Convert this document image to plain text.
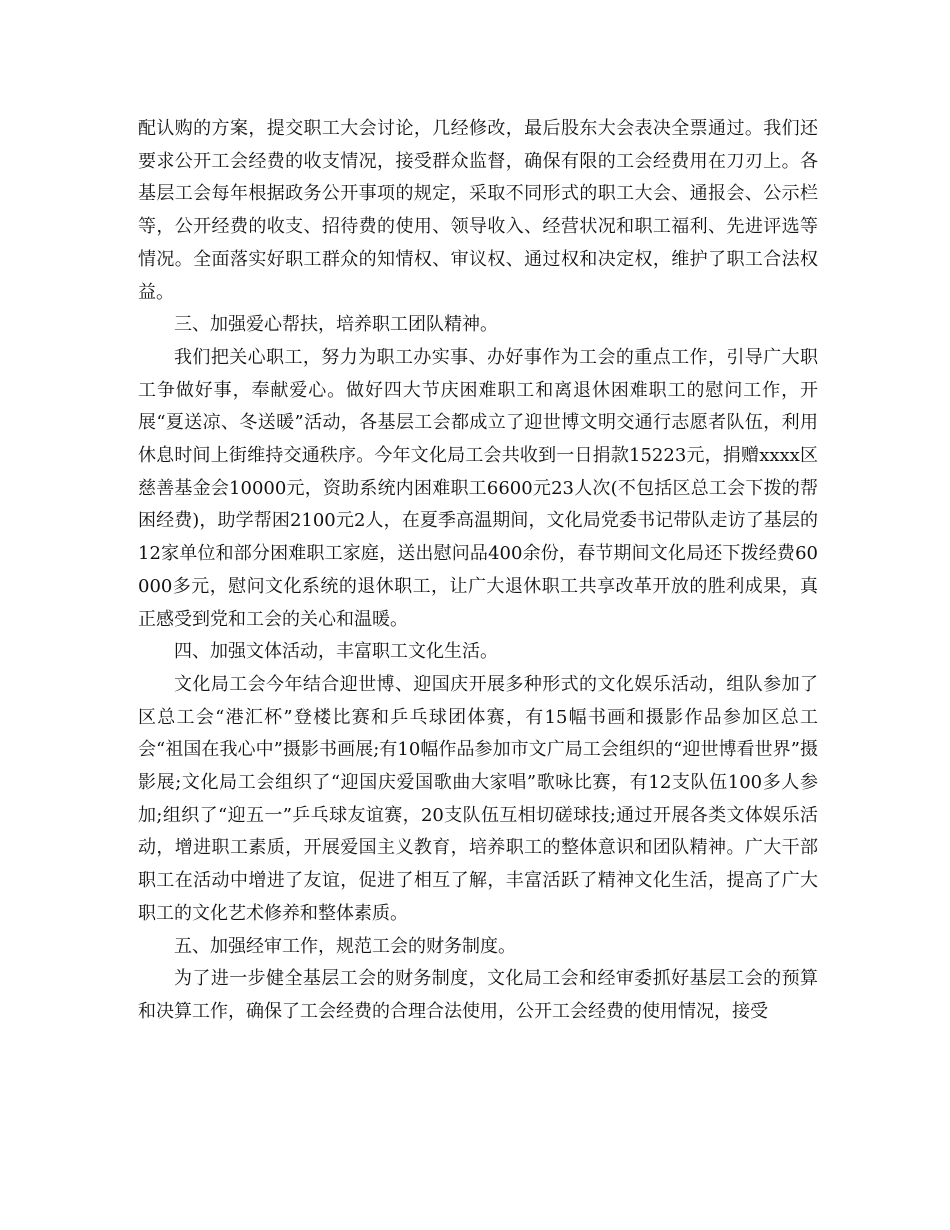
配认购的方案，提交职工大会讨论，几经修改，最后股东大会表决全票通过。我们还要求公开工会经费的收支情况，接受群众监督，确保有限的工会经费用在刀刃上。各基层工会每年根据政务公开事项的规定，采取不同形式的职工大会、通报会、公示栏等，公开经费的收支、招待费的使用、领导收入、经营状况和职工福利、先进评选等情况。全面落实好职工群众的知情权、审议权、通过权和决定权，维护了职工合法权益。

三、加强爱心帮扶，培养职工团队精神。

我们把关心职工，努力为职工办实事、办好事作为工会的重点工作，引导广大职工争做好事，奉献爱心。做好四大节庆困难职工和离退休困难职工的慰问工作，开展“夏送凉、冬送暖”活动，各基层工会都成立了迎世博文明交通行志愿者队伍，利用休息时间上街维持交通秩序。今年文化局工会共收到一日捐款15223元，捐赠xxxx区慈善基金会10000元，资助系统内困难职工6600元23人次(不包括区总工会下拨的帮困经费)，助学帮困2100元2人，在夏季高温期间，文化局党委书记带队走访了基层的12家单位和部分困难职工家庭，送出慰问品400余份，春节期间文化局还下拨经费60000多元，慰问文化系统的退休职工，让广大退休职工共享改革开放的胜利成果，真正感受到党和工会的关心和温暖。

四、加强文体活动，丰富职工文化生活。

文化局工会今年结合迎世博、迎国庆开展多种形式的文化娱乐活动，组队参加了区总工会“港汇杯”登楼比赛和乒乓球团体赛，有15幅书画和摄影作品参加区总工会“祖国在我心中”摄影书画展;有10幅作品参加市文广局工会组织的“迎世博看世界”摄影展;文化局工会组织了“迎国庆爱国歌曲大家唱”歌咏比赛，有12支队伍100多人参加;组织了“迎五一”乒乓球友谊赛，20支队伍互相切磋球技;通过开展各类文体娱乐活动，增进职工素质，开展爱国主义教育，培养职工的整体意识和团队精神。广大干部职工在活动中增进了友谊，促进了相互了解，丰富活跃了精神文化生活，提高了广大职工的文化艺术修养和整体素质。

五、加强经审工作，规范工会的财务制度。

为了进一步健全基层工会的财务制度，文化局工会和经审委抓好基层工会的预算和决算工作，确保了工会经费的合理合法使用，公开工会经费的使用情况，接受
